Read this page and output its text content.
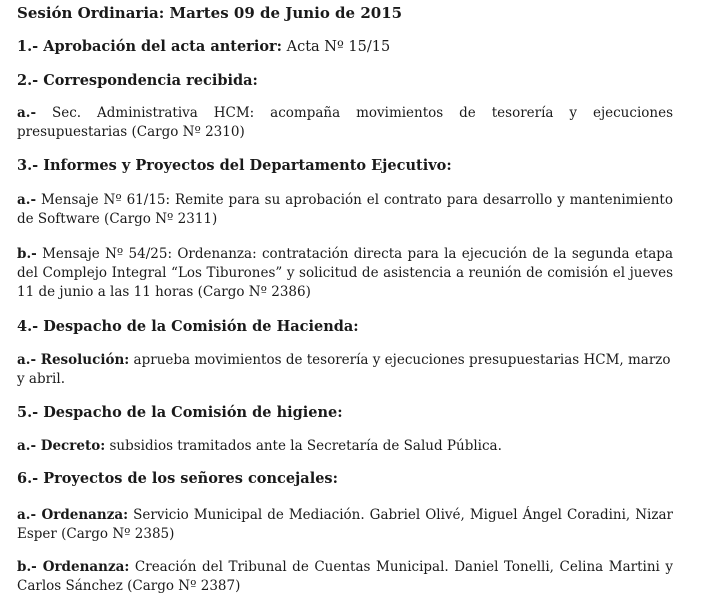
Sesión Ordinaria: Martes 09 de Junio de 2015
1.- Aprobación del acta anterior: Acta Nº 15/15
2.- Correspondencia recibida:
a.- Sec. Administrativa HCM: acompaña movimientos de tesorería y ejecuciones presupuestarias (Cargo Nº 2310)
3.- Informes y Proyectos del Departamento Ejecutivo:
a.- Mensaje Nº 61/15: Remite para su aprobación el contrato para desarrollo y mantenimiento de Software (Cargo Nº 2311)
b.- Mensaje Nº 54/25: Ordenanza: contratación directa para la ejecución de la segunda etapa del Complejo Integral “Los Tiburones” y solicitud de asistencia a reunión de comisión el jueves 11 de junio a las 11 horas (Cargo Nº 2386)
4.- Despacho de la Comisión de Hacienda:
a.- Resolución: aprueba movimientos de tesorería y ejecuciones presupuestarias HCM, marzo y abril.
5.- Despacho de la Comisión de higiene:
a.- Decreto: subsidios tramitados ante la Secretaría de Salud Pública.
6.- Proyectos de los señores concejales:
a.- Ordenanza: Servicio Municipal de Mediación. Gabriel Olivé, Miguel Ángel Coradini, Nizar Esper (Cargo Nº 2385)
b.- Ordenanza: Creación del Tribunal de Cuentas Municipal. Daniel Tonelli, Celina Martini y Carlos Sánchez (Cargo Nº 2387)
